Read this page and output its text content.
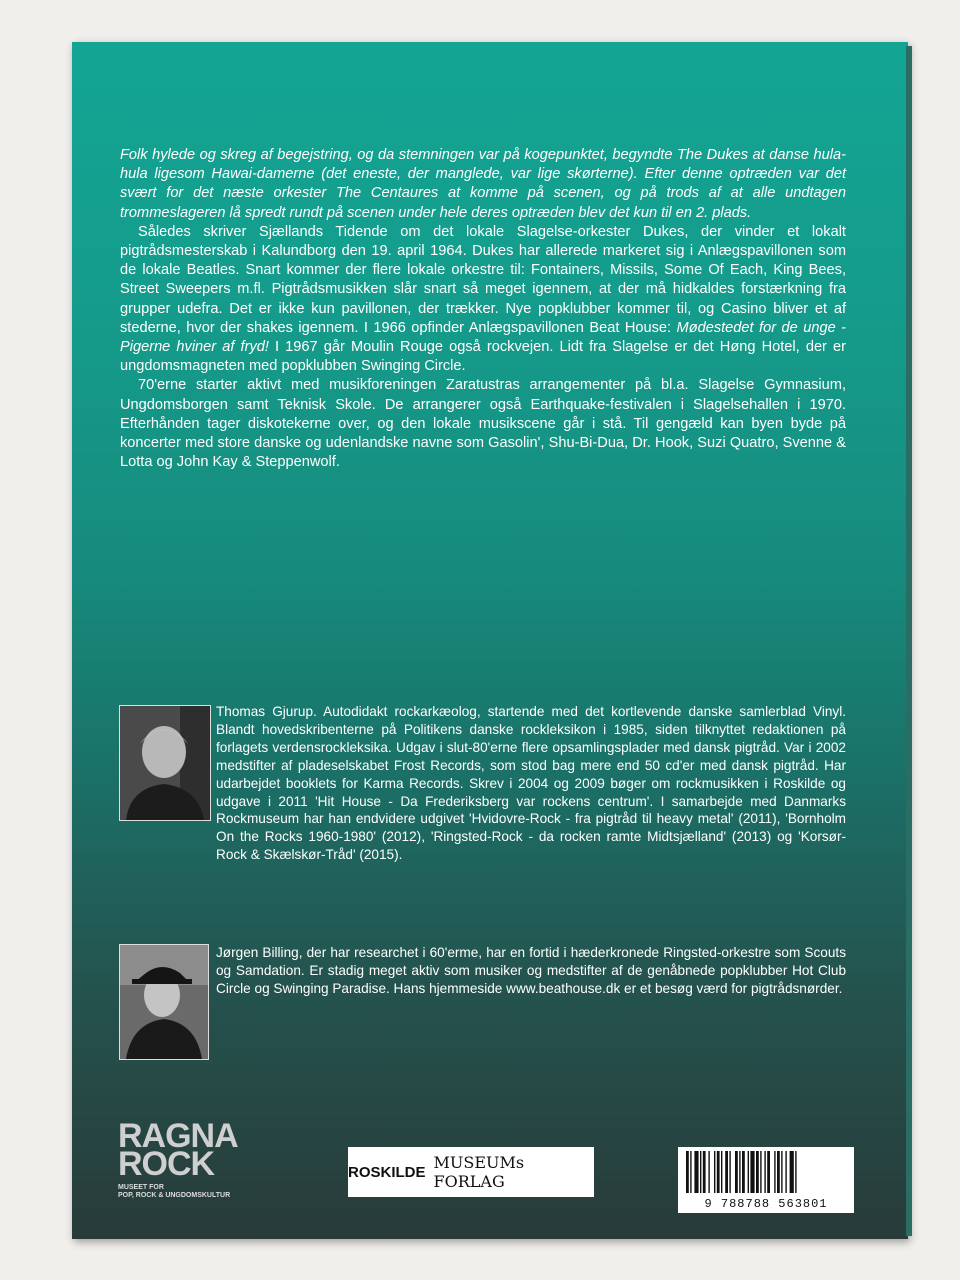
Folk hylede og skreg af begejstring, og da stemningen var på kogepunktet, begyndte The Dukes at danse hula-hula ligesom Hawai-damerne (det eneste, der manglede, var lige skørterne). Efter denne optræden var det svært for det næste orkester The Centaures at komme på scenen, og på trods af at alle undtagen trommeslageren lå spredt rundt på scenen under hele deres optræden blev det kun til en 2. plads.

Således skriver Sjællands Tidende om det lokale Slagelse-orkester Dukes, der vinder et lokalt pigtrådsmesterskab i Kalundborg den 19. april 1964. Dukes har allerede markeret sig i Anlægspavillonen som de lokale Beatles. Snart kommer der flere lokale orkestre til: Fontainers, Missils, Some Of Each, King Bees, Street Sweepers m.fl. Pigtrådsmusikken slår snart så meget igennem, at der må hidkaldes forstærkning fra grupper udefra. Det er ikke kun pavillonen, der trækker. Nye popklubber kommer til, og Casino bliver et af stederne, hvor der shakes igennem. I 1966 opfinder Anlægspavillonen Beat House: Mødestedet for de unge - Pigerne hviner af fryd! I 1967 går Moulin Rouge også rockvejen. Lidt fra Slagelse er det Høng Hotel, der er ungdomsmagneten med popklubben Swinging Circle.

70'erne starter aktivt med musikforeningen Zaratustras arrangementer på bl.a. Slagelse Gymnasium, Ungdomsborgen samt Teknisk Skole. De arrangerer også Earthquake-festivalen i Slagelsehallen i 1970. Efterhånden tager diskotekerne over, og den lokale musikscene går i stå. Til gengæld kan byen byde på koncerter med store danske og udenlandske navne som Gasolin', Shu-Bi-Dua, Dr. Hook, Suzi Quatro, Svenne & Lotta og John Kay & Steppenwolf.

Thomas Gjurup. Autodidakt rockarkæolog, startende med det kortlevende danske samlerblad Vinyl. Blandt hovedskribenterne på Politikens danske rockleksikon i 1985, siden tilknyttet redaktionen på forlagets verdensrockleksika. Udgav i slut-80'erne flere opsamlingsplader med dansk pigtråd. Var i 2002 medstifter af pladeselskabet Frost Records, som stod bag mere end 50 cd'er med dansk pigtråd. Har udarbejdet booklets for Karma Records. Skrev i 2004 og 2009 bøger om rockmusikken i Roskilde og udgave i 2011 'Hit House - Da Frederiksberg var rockens centrum'. I samarbejde med Danmarks Rockmuseum har han endvidere udgivet 'Hvidovre-Rock - fra pigtråd til heavy metal' (2011), 'Bornholm On the Rocks 1960-1980' (2012), 'Ringsted-Rock - da rocken ramte Midtsjælland' (2013) og 'Korsør-Rock & Skælskør-Tråd' (2015).
Jørgen Billing, der har researchet i 60'erme, har en fortid i hæderkronede Ringsted-orkestre som Scouts og Samdation. Er stadig meget aktiv som musiker og medstifter af de genåbnede popklubber Hot Club Circle og Swinging Paradise. Hans hjemmeside www.beathouse.dk er et besøg værd for pigtrådsnørder.
RAGNA
ROCK
MUSEET FOR
POP, ROCK & UNGDOMSKULTUR
ROSKILDE MUSEUMs FORLAG
9 788788 563801
